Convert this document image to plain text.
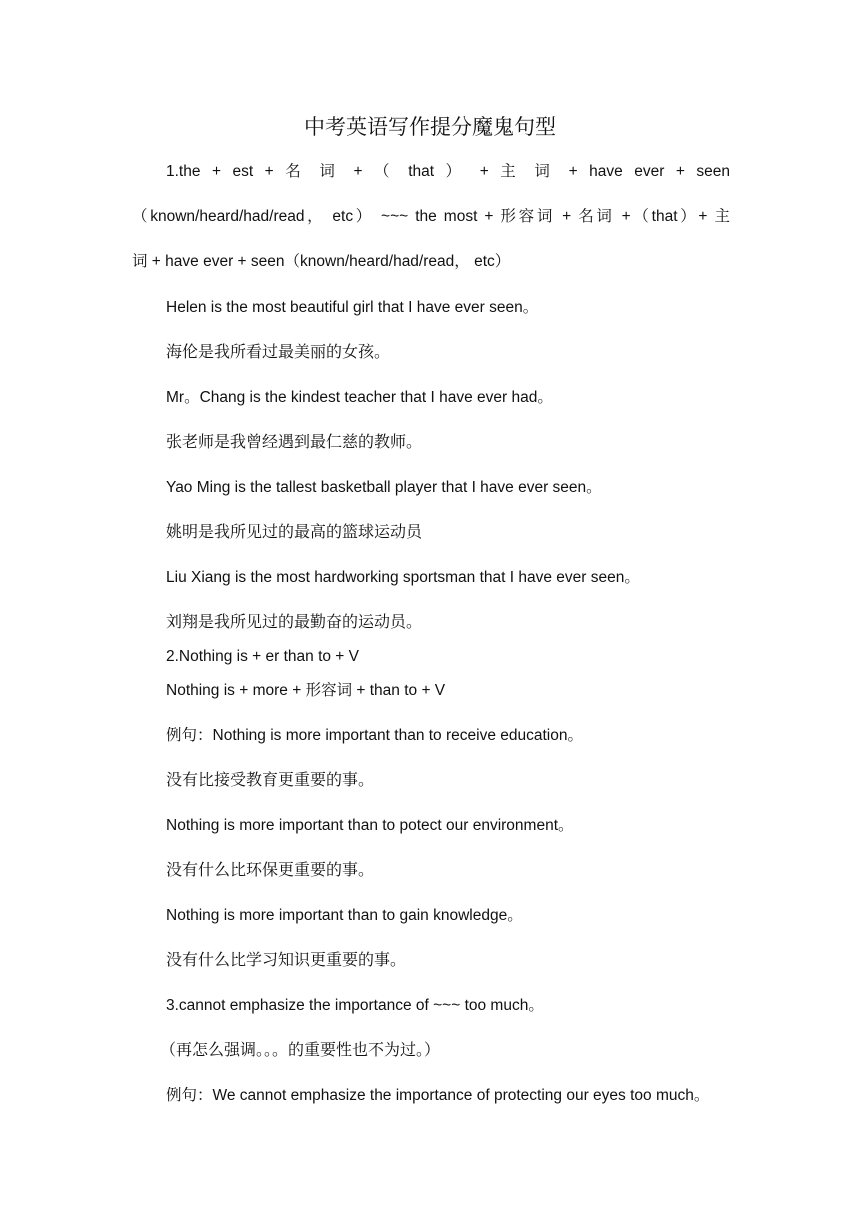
中考英语写作提分魔鬼句型
1.the + est + 名 词 + （ that ） + 主 词 + have ever + seen
（known/heard/had/read， etc） ~~~ the most + 形容词 + 名词 +（that）+ 主
词 + have ever + seen（known/heard/had/read， etc）
Helen is the most beautiful girl that I have ever seen。
海伦是我所看过最美丽的女孩。
Mr。Chang is the kindest teacher that I have ever had。
张老师是我曾经遇到最仁慈的教师。
Yao Ming is the tallest basketball player that I have ever seen。
姚明是我所见过的最高的篮球运动员
Liu Xiang is the most hardworking sportsman that I have ever seen。
刘翔是我所见过的最勤奋的运动员。
2.Nothing is + er than to + V
Nothing is + more + 形容词 + than to + V
例句：Nothing is more important than to receive education。
没有比接受教育更重要的事。
Nothing is more important than to potect our environment。
没有什么比环保更重要的事。
Nothing is more important than to gain knowledge。
没有什么比学习知识更重要的事。
3.cannot emphasize the importance of ~~~ too much。
（再怎么强调。。。的重要性也不为过。）
例句：We cannot emphasize the importance of protecting our eyes too much。
